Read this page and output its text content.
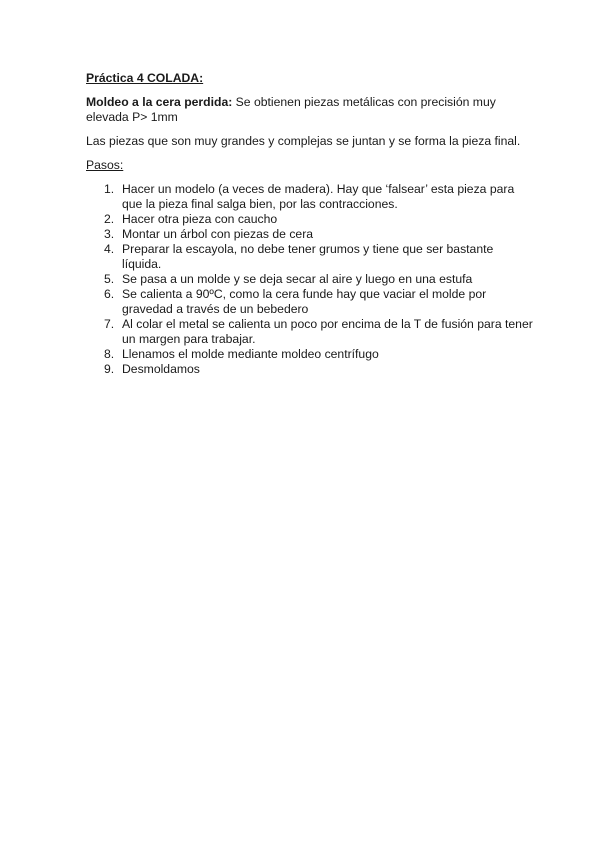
Práctica 4 COLADA:

Moldeo a la cera perdida: Se obtienen piezas metálicas con precisión muy elevada P> 1mm

Las piezas que son muy grandes y complejas se juntan y se forma la pieza final.

Pasos:

1. Hacer un modelo (a veces de madera). Hay que ‘falsear’ esta pieza para que la pieza final salga bien, por las contracciones.
2. Hacer otra pieza con caucho
3. Montar un árbol con piezas de cera
4. Preparar la escayola, no debe tener grumos y tiene que ser bastante líquida.
5. Se pasa a un molde y se deja secar al aire y luego en una estufa
6. Se calienta a 90ºC, como la cera funde hay que vaciar el molde por gravedad a través de un bebedero
7. Al colar el metal se calienta un poco por encima de la T de fusión para tener un margen para trabajar.
8. Llenamos el molde mediante moldeo centrífugo
9. Desmoldamos
